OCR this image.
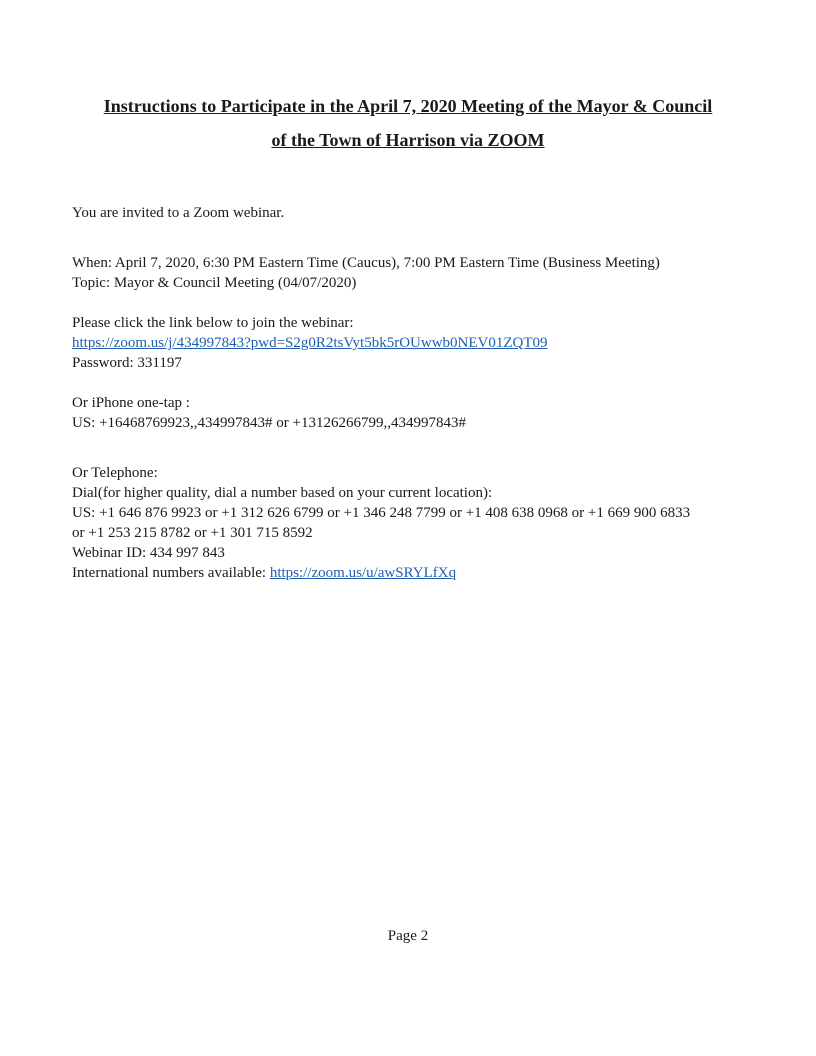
Instructions to Participate in the April 7, 2020 Meeting of the Mayor & Council
of the Town of Harrison via ZOOM
You are invited to a Zoom webinar.
When: April 7, 2020, 6:30 PM Eastern Time (Caucus), 7:00 PM Eastern Time (Business Meeting)
Topic: Mayor & Council Meeting (04/07/2020)
Please click the link below to join the webinar:
https://zoom.us/j/434997843?pwd=S2g0R2tsVyt5bk5rOUwwb0NEV01ZQT09
Password: 331197
Or iPhone one-tap :
US: +16468769923,,434997843# or +13126266799,,434997843#
Or Telephone:
Dial(for higher quality, dial a number based on your current location):
US: +1 646 876 9923 or +1 312 626 6799 or +1 346 248 7799 or +1 408 638 0968 or +1 669 900 6833
or +1 253 215 8782 or +1 301 715 8592
Webinar ID: 434 997 843
International numbers available: https://zoom.us/u/awSRYLfXq
Page 2
